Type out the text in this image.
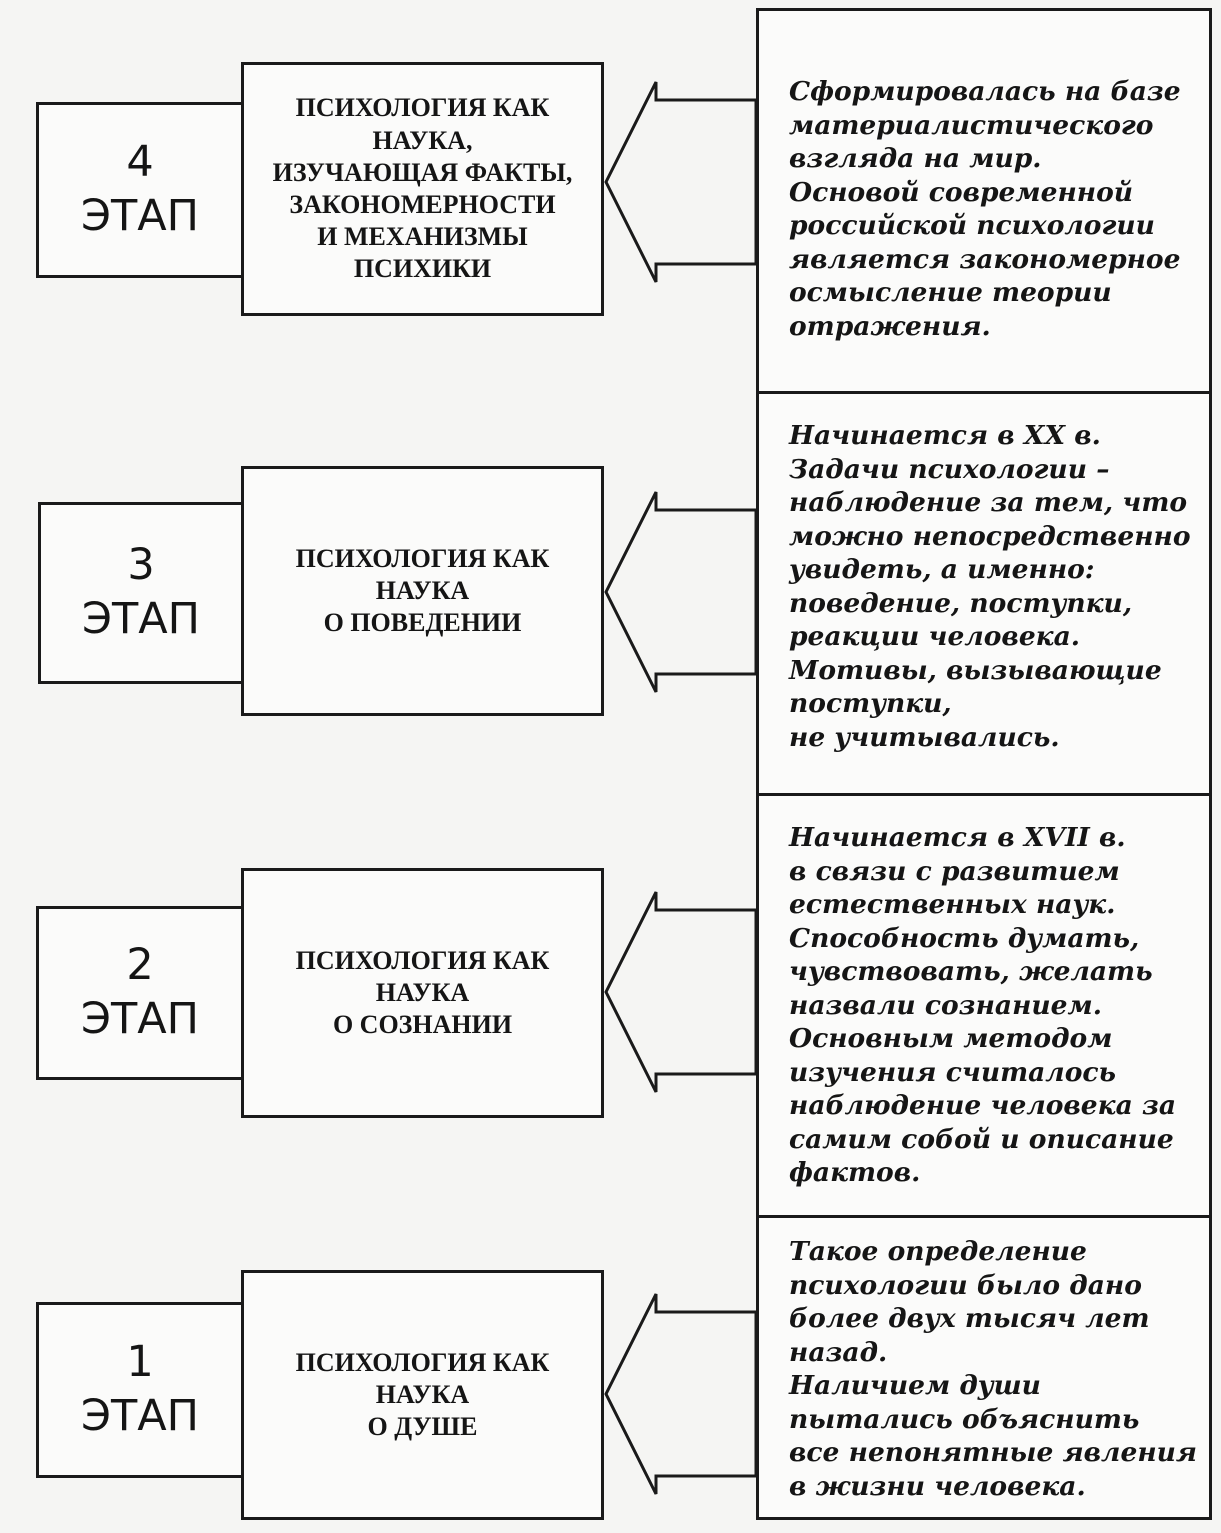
4
ЭТАП
ПСИХОЛОГИЯ КАК
НАУКА,
ИЗУЧАЮЩАЯ ФАКТЫ,
ЗАКОНОМЕРНОСТИ
И МЕХАНИЗМЫ
ПСИХИКИ
3
ЭТАП
ПСИХОЛОГИЯ КАК
НАУКА
О ПОВЕДЕНИИ
2
ЭТАП
ПСИХОЛОГИЯ КАК
НАУКА
О СОЗНАНИИ
1
ЭТАП
ПСИХОЛОГИЯ КАК
НАУКА
О ДУШЕ
Сформировалась на базе
материалистического
взгляда на мир.
Основой современной
российской психологии
является закономерное
осмысление теории
отражения.
Начинается в XX в.
Задачи психологии –
наблюдение за тем, что
можно непосредственно
увидеть, а именно:
поведение, поступки,
реакции человека.
Мотивы, вызывающие
поступки,
не учитывались.
Начинается в XVII в.
в связи с развитием
естественных наук.
Способность думать,
чувствовать, желать
назвали сознанием.
Основным методом
изучения считалось
наблюдение человека за
самим собой и описание
фактов.
Такое определение
психологии было дано
более двух тысяч лет
назад.
Наличием души
пытались объяснить
все непонятные явления
в жизни человека.
